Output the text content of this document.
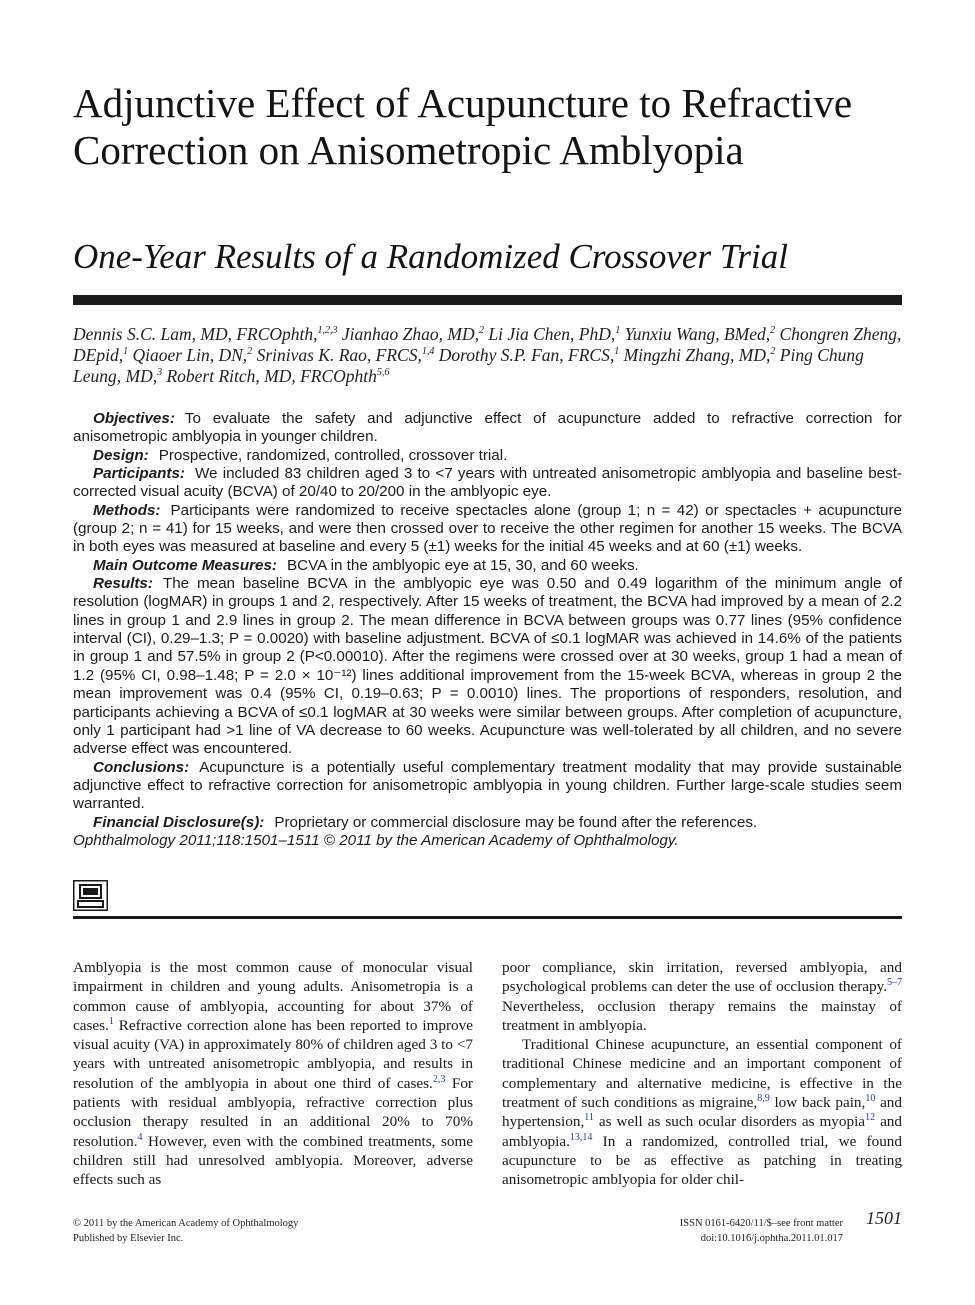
Adjunctive Effect of Acupuncture to Refractive Correction on Anisometropic Amblyopia
One-Year Results of a Randomized Crossover Trial
Dennis S.C. Lam, MD, FRCOphth,$^{1,2,3}$ Jianhao Zhao, MD,$^2$ Li Jia Chen, PhD,$^1$ Yunxiu Wang, BMed,$^2$ Chongren Zheng, DEpid,$^1$ Qiaoer Lin, DN,$^2$ Srinivas K. Rao, FRCS,$^{1,4}$ Dorothy S.P. Fan, FRCS,$^1$ Mingzhi Zhang, MD,$^2$ Ping Chung Leung, MD,$^3$ Robert Ritch, MD, FRCOphth$^{5,6}$

Objectives: To evaluate the safety and adjunctive effect of acupuncture added to refractive correction for anisometropic amblyopia in younger children.

Design: Prospective, randomized, controlled, crossover trial.

Participants: We included 83 children aged 3 to <7 years with untreated anisometropic amblyopia and baseline best-corrected visual acuity (BCVA) of 20/40 to 20/200 in the amblyopic eye.

Methods: Participants were randomized to receive spectacles alone (group 1; n = 42) or spectacles + acupuncture (group 2; n = 41) for 15 weeks, and were then crossed over to receive the other regimen for another 15 weeks. The BCVA in both eyes was measured at baseline and every 5 (±1) weeks for the initial 45 weeks and at 60 (±1) weeks.

Main Outcome Measures: BCVA in the amblyopic eye at 15, 30, and 60 weeks.

Results: The mean baseline BCVA in the amblyopic eye was 0.50 and 0.49 logarithm of the minimum angle of resolution (logMAR) in groups 1 and 2, respectively. After 15 weeks of treatment, the BCVA had improved by a mean of 2.2 lines in group 1 and 2.9 lines in group 2. The mean difference in BCVA between groups was 0.77 lines (95% confidence interval (CI), 0.29–1.3; P = 0.0020) with baseline adjustment. BCVA of ≤0.1 logMAR was achieved in 14.6% of the patients in group 1 and 57.5% in group 2 (P<0.00010). After the regimens were crossed over at 30 weeks, group 1 had a mean of 1.2 (95% CI, 0.98–1.48; P = 2.0 × 10⁻¹²) lines additional improvement from the 15-week BCVA, whereas in group 2 the mean improvement was 0.4 (95% CI, 0.19–0.63; P = 0.0010) lines. The proportions of responders, resolution, and participants achieving a BCVA of ≤0.1 logMAR at 30 weeks were similar between groups. After completion of acupuncture, only 1 participant had >1 line of VA decrease to 60 weeks. Acupuncture was well-tolerated by all children, and no severe adverse effect was encountered.

Conclusions: Acupuncture is a potentially useful complementary treatment modality that may provide sustainable adjunctive effect to refractive correction for anisometropic amblyopia in young children. Further large-scale studies seem warranted.

Financial Disclosure(s): Proprietary or commercial disclosure may be found after the references.

Ophthalmology 2011;118:1501–1511 © 2011 by the American Academy of Ophthalmology.

Amblyopia is the most common cause of monocular visual impairment in children and young adults. Anisometropia is a common cause of amblyopia, accounting for about 37% of cases.$^1$ Refractive correction alone has been reported to improve visual acuity (VA) in approximately 80% of children aged 3 to <7 years with untreated anisometropic amblyopia, and results in resolution of the amblyopia in about one third of cases.$^{2,3}$ For patients with residual amblyopia, refractive correction plus occlusion therapy resulted in an additional 20% to 70% resolution.$^4$ However, even with the combined treatments, some children still had unresolved amblyopia. Moreover, adverse effects such as

poor compliance, skin irritation, reversed amblyopia, and psychological problems can deter the use of occlusion therapy.$^{5-7}$ Nevertheless, occlusion therapy remains the mainstay of treatment in amblyopia.

Traditional Chinese acupuncture, an essential component of traditional Chinese medicine and an important component of complementary and alternative medicine, is effective in the treatment of such conditions as migraine,$^{8,9}$ low back pain,$^{10}$ and hypertension,$^{11}$ as well as such ocular disorders as myopia$^{12}$ and amblyopia.$^{13,14}$ In a randomized, controlled trial, we found acupuncture to be as effective as patching in treating anisometropic amblyopia for older chil-

© 2011 by the American Academy of Ophthalmology
Published by Elsevier Inc.
ISSN 0161-6420/11/$–see front matter
doi:10.1016/j.ophtha.2011.01.017
1501
